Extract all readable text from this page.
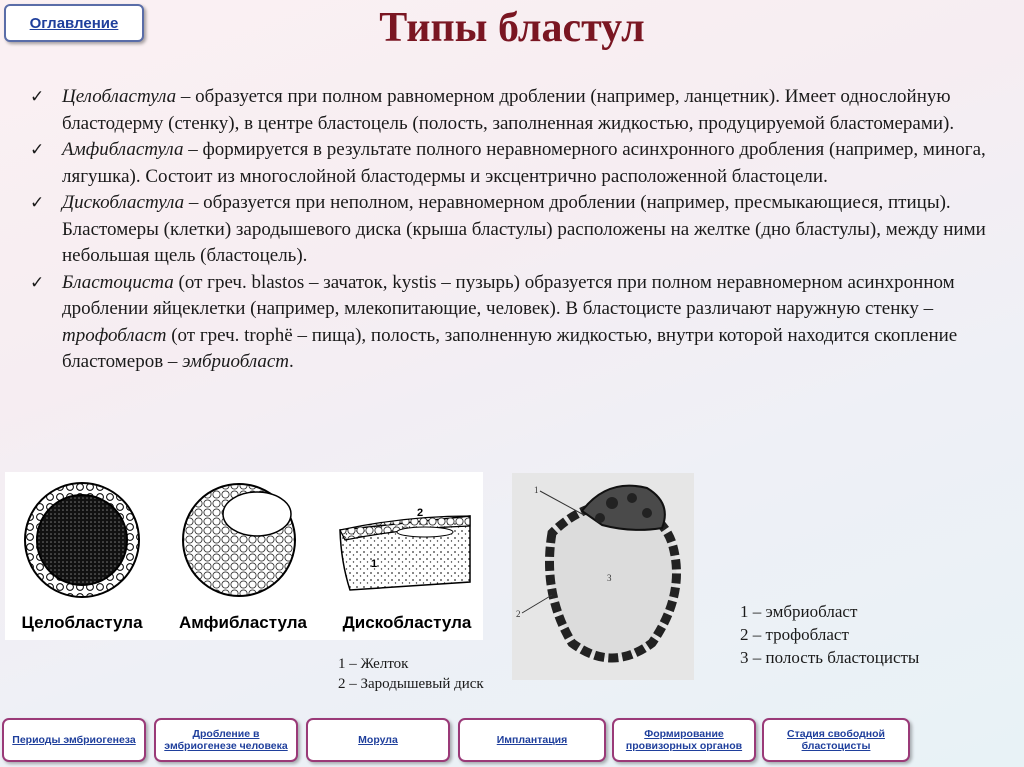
Оглавление	Типы бластул
✓ Целобластула – образуется при полном равномерном дроблении (например, ланцетник). Имеет однослойную бластодерму (стенку), в центре бластоцель (полость, заполненная жидкостью, продуцируемой бластомерами).
✓ Амфибластула – формируется в результате полного неравномерного асинхронного дробления (например, минога, лягушка). Состоит из многослойной бластодермы и эксцентрично расположенной бластоцели.
✓ Дискобластула – образуется при неполном, неравномерном дроблении (например, пресмыкающиеся, птицы). Бластомеры (клетки) зародышевого диска (крыша бластулы) расположены на желтке (дно бластулы), между ними небольшая щель (бластоцель).
✓ Бластоциста (от греч. blastos – зачаток, kystis – пузырь) образуется при полном неравномерном асинхронном дроблении яйцеклетки (например, млекопитающие, человек). В бластоцисте различают наружную стенку – трофобласт (от греч. trophё – пища), полость, заполненную жидкостью, внутри которой находится скопление бластомеров – эмбриобласт.
2
1
Целобластула Амфибластула Дискобластула
1
2
3
1 – Желток
2 – Зародышевый диск
1 – эмбриобласт
2 – трофобласт
3 – полость бластоцисты
Периоды эмбриогенеза	Дробление в эмбриогенезе человека	Морула	Имплантация	Формирование провизорных органов
Стадия свободной бластоцисты
